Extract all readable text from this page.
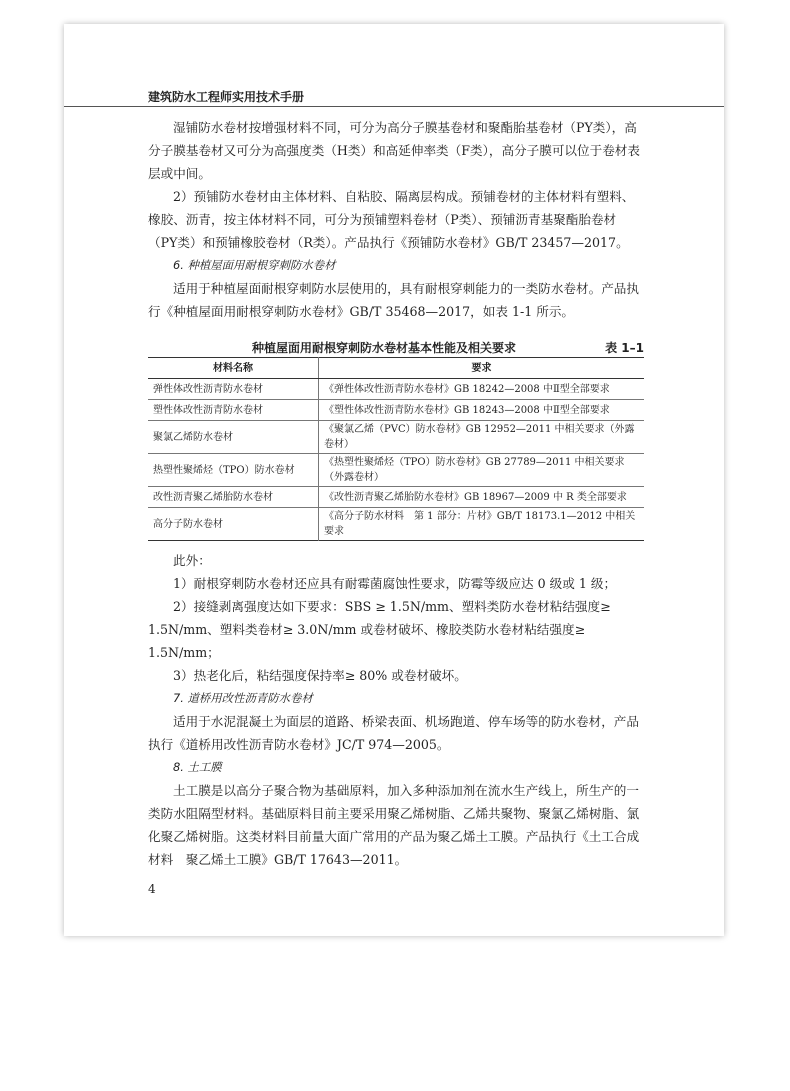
建筑防水工程师实用技术手册

湿铺防水卷材按增强材料不同，可分为高分子膜基卷材和聚酯胎基卷材（PY类），高分子膜基卷材又可分为高强度类（H类）和高延伸率类（F类），高分子膜可以位于卷材表层或中间。

2）预铺防水卷材由主体材料、自粘胶、隔离层构成。预铺卷材的主体材料有塑料、橡胶、沥青，按主体材料不同，可分为预铺塑料卷材（P类）、预铺沥青基聚酯胎卷材（PY类）和预铺橡胶卷材（R类）。产品执行《预铺防水卷材》GB/T 23457—2017。

6. 种植屋面用耐根穿刺防水卷材

适用于种植屋面耐根穿刺防水层使用的，具有耐根穿刺能力的一类防水卷材。产品执行《种植屋面用耐根穿刺防水卷材》GB/T 35468—2017，如表 1-1 所示。

种植屋面用耐根穿刺防水卷材基本性能及相关要求	表 1–1
材料名称	要求
弹性体改性沥青防水卷材	《弹性体改性沥青防水卷材》GB 18242—2008 中Ⅱ型全部要求
塑性体改性沥青防水卷材	《塑性体改性沥青防水卷材》GB 18243—2008 中Ⅱ型全部要求
聚氯乙烯防水卷材	《聚氯乙烯（PVC）防水卷材》GB 12952—2011 中相关要求（外露卷材）
热塑性聚烯烃（TPO）防水卷材	《热塑性聚烯烃（TPO）防水卷材》GB 27789—2011 中相关要求（外露卷材）
改性沥青聚乙烯胎防水卷材	《改性沥青聚乙烯胎防水卷材》GB 18967—2009 中 R 类全部要求
高分子防水卷材	《高分子防水材料　第 1 部分：片材》GB/T 18173.1—2012 中相关要求

此外：

1）耐根穿刺防水卷材还应具有耐霉菌腐蚀性要求，防霉等级应达 0 级或 1 级；

2）接缝剥离强度达如下要求：SBS ≥ 1.5N/mm、塑料类防水卷材粘结强度≥ 1.5N/mm、塑料类卷材≥ 3.0N/mm 或卷材破坏、橡胶类防水卷材粘结强度≥ 1.5N/mm；

3）热老化后，粘结强度保持率≥ 80% 或卷材破坏。

7. 道桥用改性沥青防水卷材

适用于水泥混凝土为面层的道路、桥梁表面、机场跑道、停车场等的防水卷材，产品执行《道桥用改性沥青防水卷材》JC/T 974—2005。

8. 土工膜

土工膜是以高分子聚合物为基础原料，加入多种添加剂在流水生产线上，所生产的一类防水阻隔型材料。基础原料目前主要采用聚乙烯树脂、乙烯共聚物、聚氯乙烯树脂、氯化聚乙烯树脂。这类材料目前量大面广常用的产品为聚乙烯土工膜。产品执行《土工合成材料　聚乙烯土工膜》GB/T 17643—2011。

4
